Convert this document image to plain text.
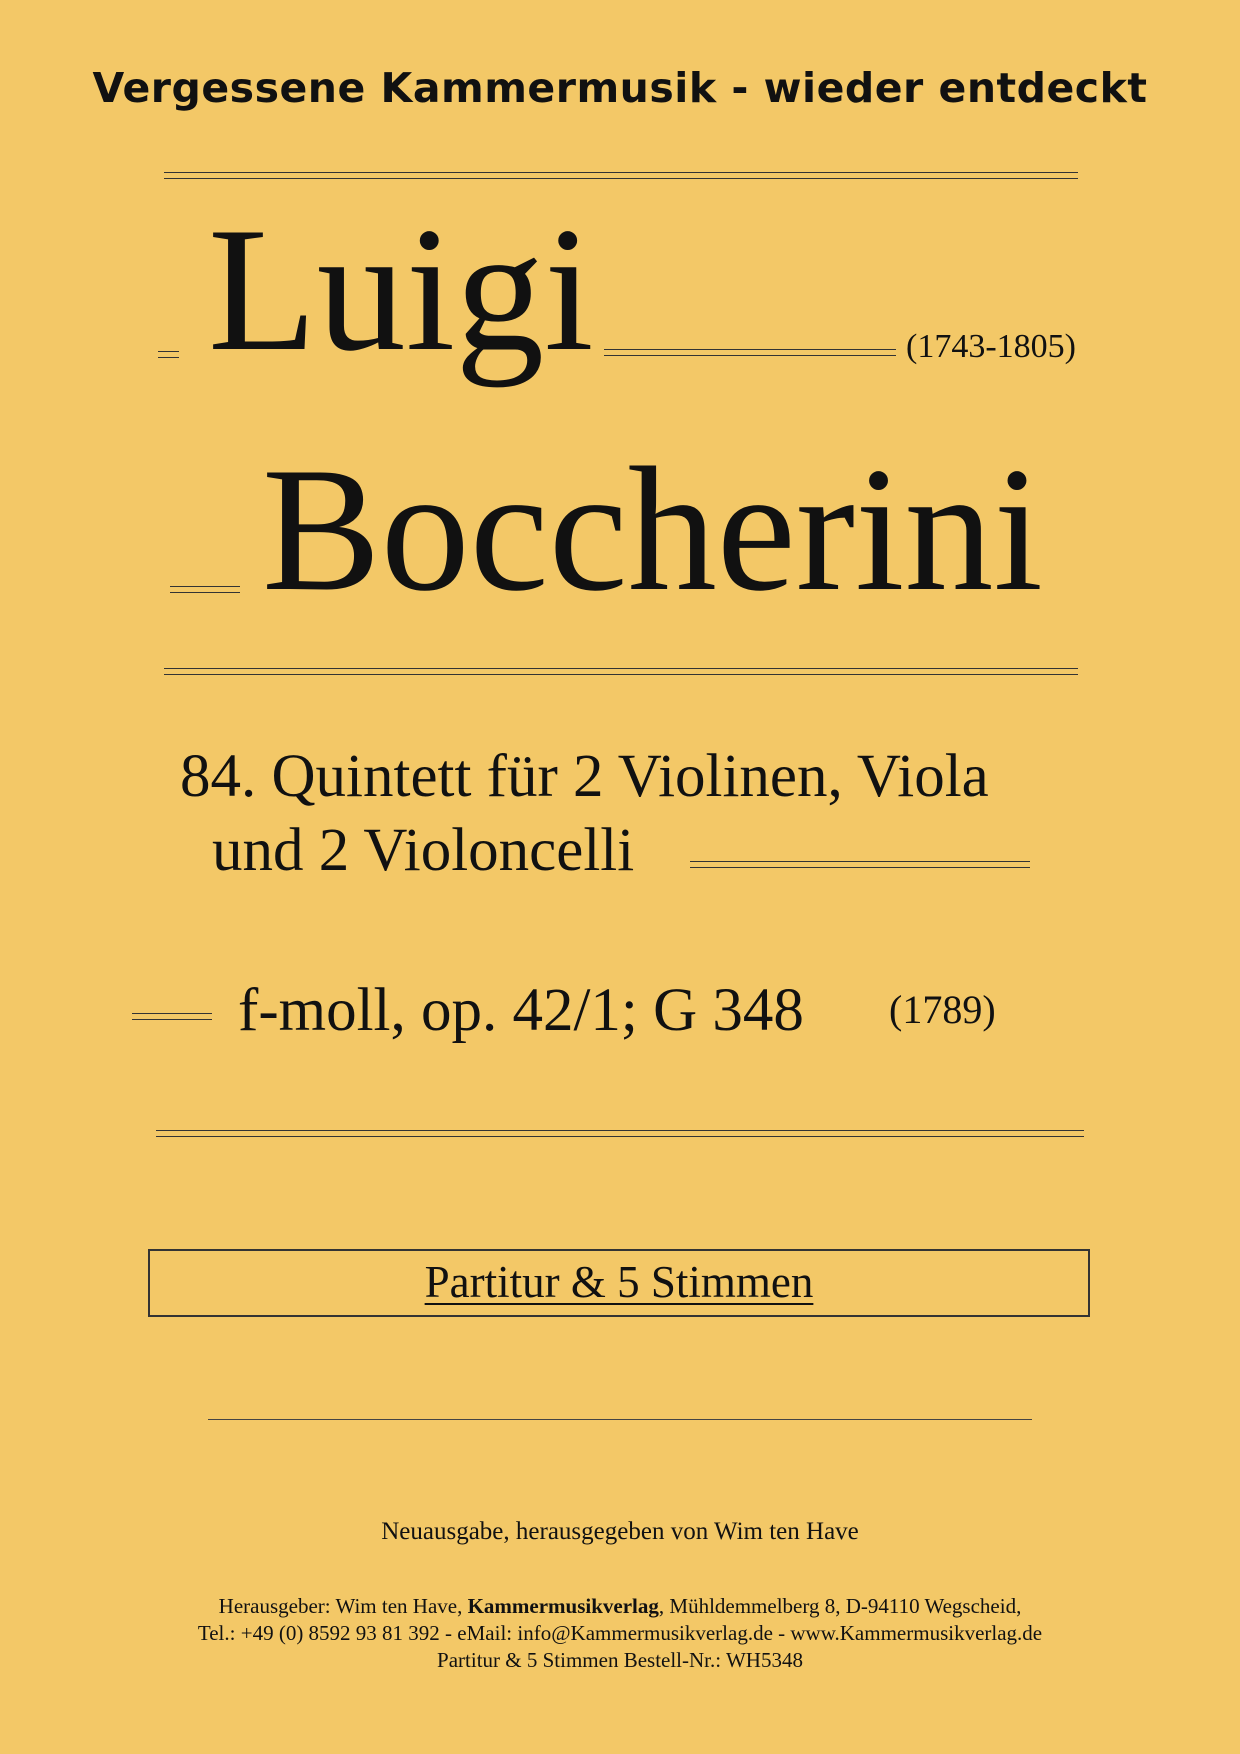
Vergessene Kammermusik - wieder entdeckt
Luigi	(1743-1805)
Boccherini
84. Quintett für 2 Violinen, Viola
und 2 Violoncelli
f-moll, op. 42/1; G 348 (1789)
Partitur & 5 Stimmen
Neuausgabe, herausgegeben von Wim ten Have
Herausgeber: Wim ten Have, Kammermusikverlag, Mühldemmelberg 8, D-94110 Wegscheid,
Tel.: +49 (0) 8592 93 81 392 - eMail: info@Kammermusikverlag.de - www.Kammermusikverlag.de
Partitur & 5 Stimmen Bestell-Nr.: WH5348
